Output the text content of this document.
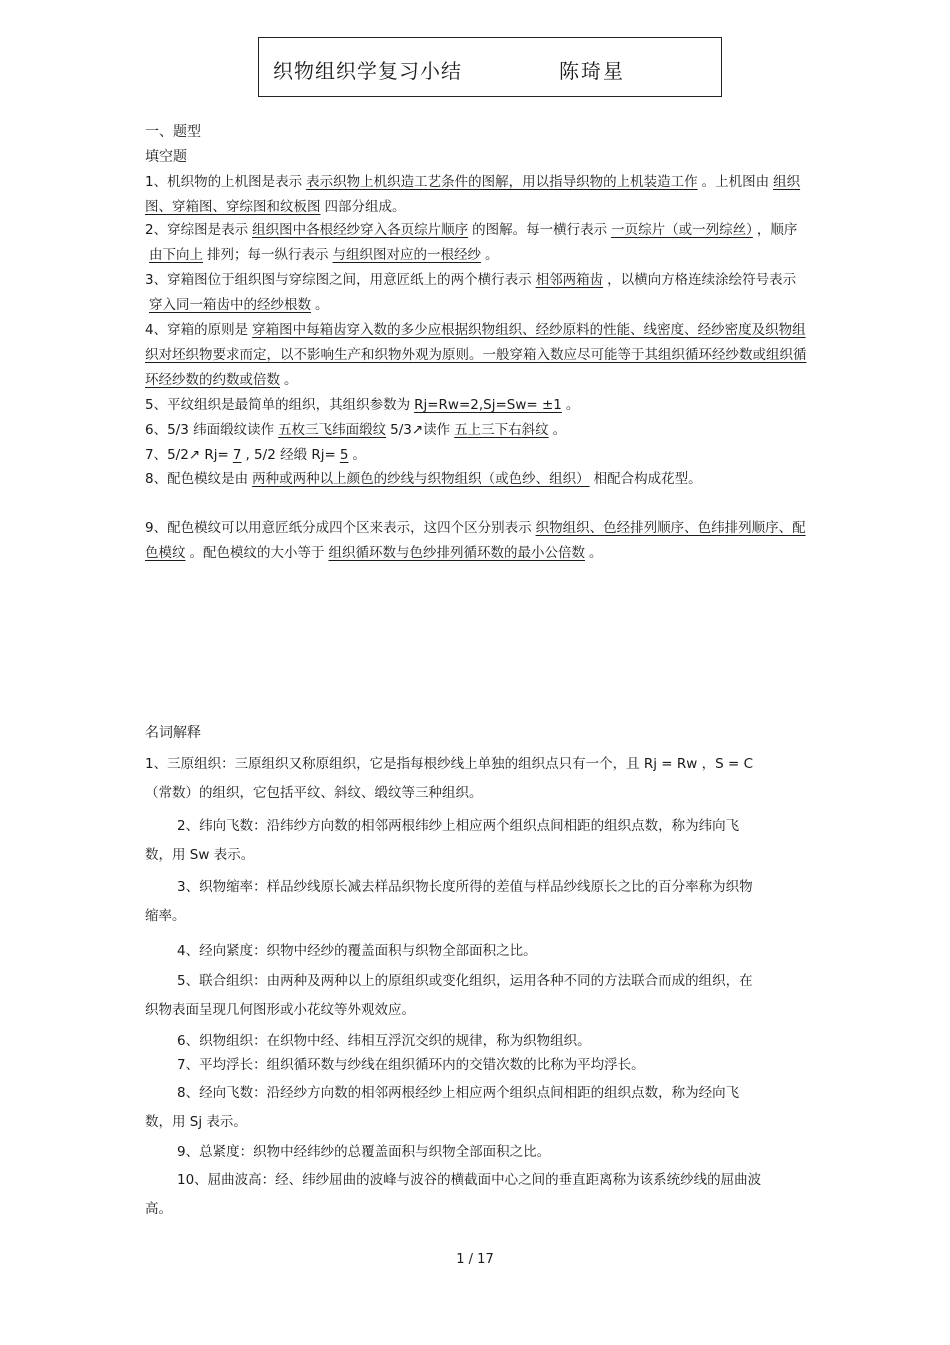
织物组织学复习小结	陈琦星
一、题型
填空题
1、机织物的上机图是表示 表示织物上机织造工艺条件的图解，用以指导织物的上机装造工作 。上机图由 组织图、穿箱图、穿综图和纹板图 四部分组成。
2、穿综图是表示 组织图中各根经纱穿入各页综片顺序 的图解。每一横行表示 一页综片（或一列综丝） ，顺序由下向上 排列；每一纵行表示 与组织图对应的一根经纱 。
3、穿箱图位于组织图与穿综图之间，用意匠纸上的两个横行表示 相邻两箱齿 ，以横向方格连续涂绘符号表示穿入同一箱齿中的经纱根数 。
4、穿箱的原则是 穿箱图中每箱齿穿入数的多少应根据织物组织、经纱原料的性能、线密度、经纱密度及织物组织对坯织物要求而定，以不影响生产和织物外观为原则。一般穿箱入数应尽可能等于其组织循环经纱数或组织循环经纱数的约数或倍数 。
5、平纹组织是最简单的组织，其组织参数为 Rj=Rw=2,Sj=Sw= ±1 。
6、5/3 纬面缎纹读作 五枚三飞纬面缎纹 5/3↗读作 五上三下右斜纹 。
7、5/2↗ Rj= 7 , 5/2 经缎 Rj= 5 。
8、配色模纹是由 两种或两种以上颜色的纱线与织物组织（或色纱、组织） 相配合构成花型。
9、配色模纹可以用意匠纸分成四个区来表示，这四个区分别表示 织物组织、色经排列顺序、色纬排列顺序、配色模纹 。配色模纹的大小等于 组织循环数与色纱排列循环数的最小公倍数 。
名词解释
1、三原组织：三原组织又称原组织，它是指每根纱线上单独的组织点只有一个，且 Rj = Rw ，S = C（常数）的组织，它包括平纹、斜纹、缎纹等三种组织。
2、纬向飞数：沿纬纱方向数的相邻两根纬纱上相应两个组织点间相距的组织点数，称为纬向飞数，用 Sw 表示。
3、织物缩率：样品纱线原长减去样品织物长度所得的差值与样品纱线原长之比的百分率称为织物缩率。
4、经向紧度：织物中经纱的覆盖面积与织物全部面积之比。
5、联合组织：由两种及两种以上的原组织或变化组织，运用各种不同的方法联合而成的组织，在织物表面呈现几何图形或小花纹等外观效应。
6、织物组织：在织物中经、纬相互浮沉交织的规律，称为织物组织。
7、平均浮长：组织循环数与纱线在组织循环内的交错次数的比称为平均浮长。
8、经向飞数：沿经纱方向数的相邻两根经纱上相应两个组织点间相距的组织点数，称为经向飞数，用 Sj 表示。
9、总紧度：织物中经纬纱的总覆盖面积与织物全部面积之比。
10、屈曲波高：经、纬纱屈曲的波峰与波谷的横截面中心之间的垂直距离称为该系统纱线的屈曲波高。
1 / 17
